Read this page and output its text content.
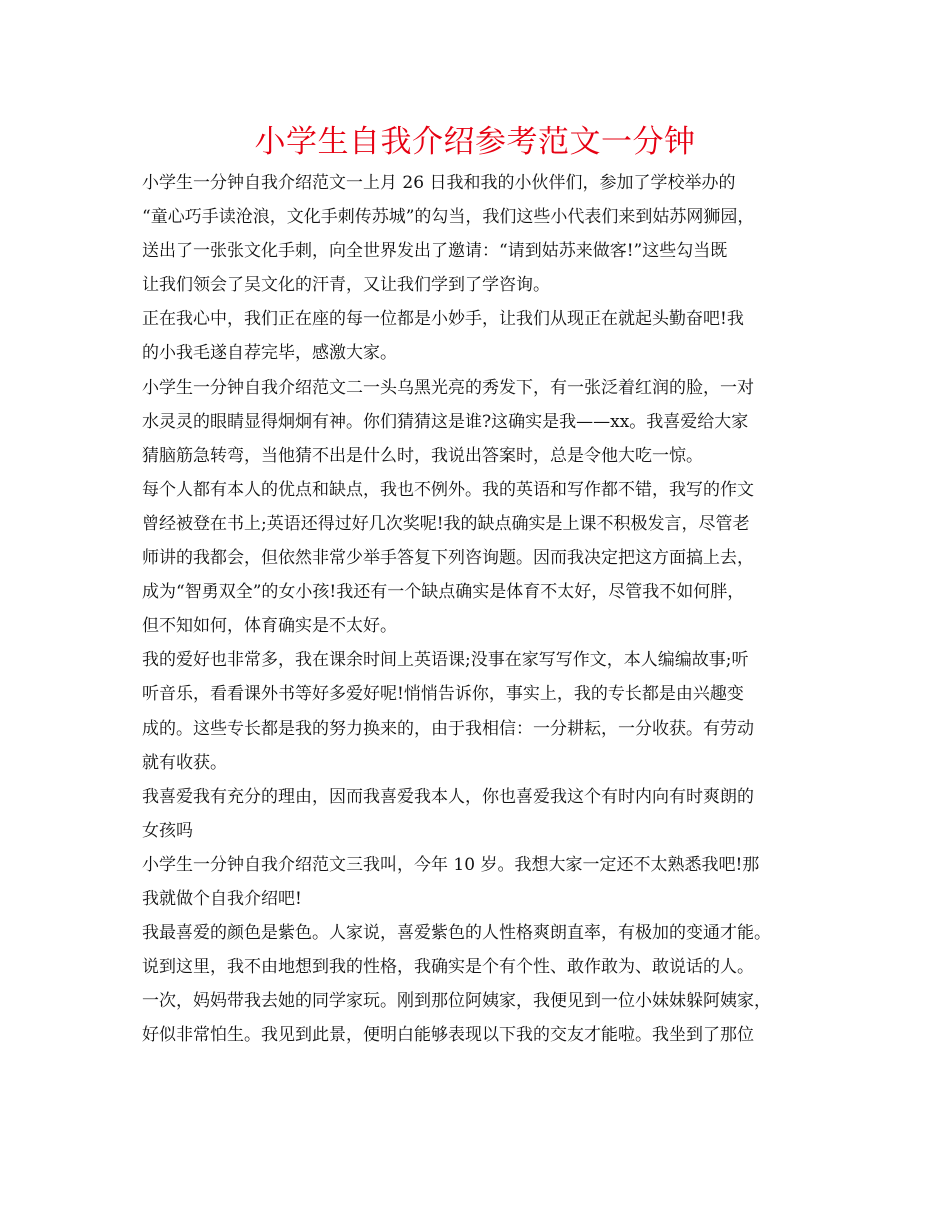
小学生自我介绍参考范文一分钟
小学生一分钟自我介绍范文一上月 26 日我和我的小伙伴们，参加了学校举办的
“童心巧手读沧浪，文化手刺传苏城”的勾当，我们这些小代表们来到姑苏网狮园，
送出了一张张文化手刺，向全世界发出了邀请：“请到姑苏来做客!”这些勾当既
让我们领会了吴文化的汗青，又让我们学到了学咨询。
正在我心中，我们正在座的每一位都是小妙手，让我们从现正在就起头勤奋吧!我
的小我毛遂自荐完毕，感激大家。
小学生一分钟自我介绍范文二一头乌黑光亮的秀发下，有一张泛着红润的脸，一对
水灵灵的眼睛显得炯炯有神。你们猜猜这是谁?这确实是我——xx。我喜爱给大家
猜脑筋急转弯，当他猜不出是什么时，我说出答案时，总是令他大吃一惊。
每个人都有本人的优点和缺点，我也不例外。我的英语和写作都不错，我写的作文
曾经被登在书上;英语还得过好几次奖呢!我的缺点确实是上课不积极发言，尽管老
师讲的我都会，但依然非常少举手答复下列咨询题。因而我决定把这方面搞上去，
成为“智勇双全”的女小孩!我还有一个缺点确实是体育不太好，尽管我不如何胖，
但不知如何，体育确实是不太好。
我的爱好也非常多，我在课余时间上英语课;没事在家写写作文，本人编编故事;听
听音乐，看看课外书等好多爱好呢!悄悄告诉你，事实上，我的专长都是由兴趣变
成的。这些专长都是我的努力换来的，由于我相信：一分耕耘，一分收获。有劳动
就有收获。
我喜爱我有充分的理由，因而我喜爱我本人，你也喜爱我这个有时内向有时爽朗的
女孩吗
小学生一分钟自我介绍范文三我叫，今年 10 岁。我想大家一定还不太熟悉我吧!那
我就做个自我介绍吧!
我最喜爱的颜色是紫色。人家说，喜爱紫色的人性格爽朗直率，有极加的变通才能。
说到这里，我不由地想到我的性格，我确实是个有个性、敢作敢为、敢说话的人。
一次，妈妈带我去她的同学家玩。刚到那位阿姨家，我便见到一位小妹妹躲阿姨家，
好似非常怕生。我见到此景，便明白能够表现以下我的交友才能啦。我坐到了那位
